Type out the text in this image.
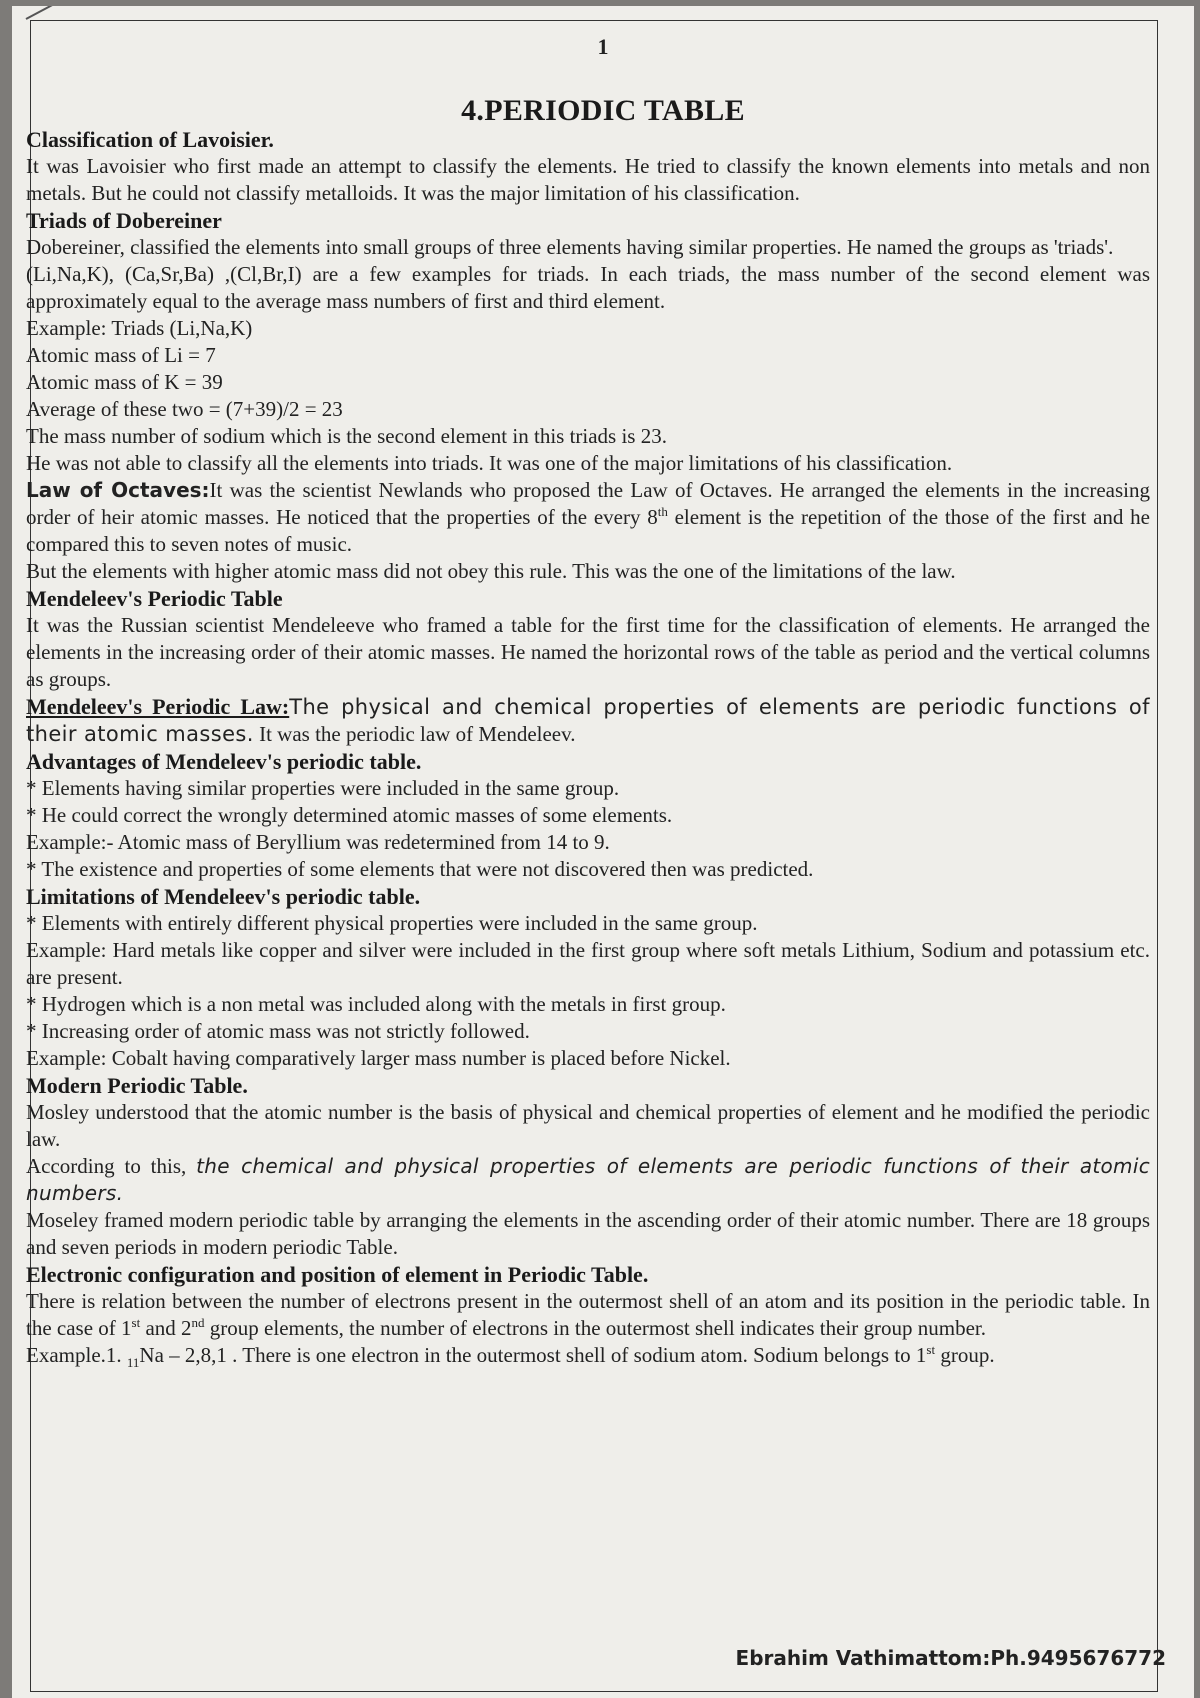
1
4.PERIODIC TABLE

Classification of Lavoisier.

It was Lavoisier who first made an attempt to classify the elements. He tried to classify the known elements into metals and non metals. But he could not classify metalloids. It was the major limitation of his classification.

Triads of Dobereiner

Dobereiner, classified the elements into small groups of three elements having similar properties. He named the groups as 'triads'.

(Li,Na,K), (Ca,Sr,Ba) ,(Cl,Br,I) are a few examples for triads. In each triads, the mass number of the second element was approximately equal to the average mass numbers of first and third element.

Example: Triads (Li,Na,K)

Atomic mass of Li = 7

Atomic mass of K = 39

Average of these two = (7+39)/2 = 23

The mass number of sodium which is the second element in this triads is 23.

He was not able to classify all the elements into triads. It was one of the major limitations of his classification.

Law of Octaves:It was the scientist Newlands who proposed the Law of Octaves. He arranged the elements in the increasing order of heir atomic masses. He noticed that the properties of the every 8th element is the repetition of the those of the first and he compared this to seven notes of music.

But the elements with higher atomic mass did not obey this rule. This was the one of the limitations of the law.

Mendeleev's Periodic Table

It was the Russian scientist Mendeleeve who framed a table for the first time for the classification of elements. He arranged the elements in the increasing order of their atomic masses. He named the horizontal rows of the table as period and the vertical columns as groups.

Mendeleev's Periodic Law:The physical and chemical properties of elements are periodic functions of their atomic masses. It was the periodic law of Mendeleev.

Advantages of Mendeleev's periodic table.

* Elements having similar properties were included in the same group.

* He could correct the wrongly determined atomic masses of some elements.

Example:- Atomic mass of Beryllium was redetermined from 14 to 9.

* The existence and properties of some elements that were not discovered then was predicted.

Limitations of Mendeleev's periodic table.

* Elements with entirely different physical properties were included in the same group.

Example: Hard metals like copper and silver were included in the first group where soft metals Lithium, Sodium and potassium etc. are present.

* Hydrogen which is a non metal was included along with the metals in first group.

* Increasing order of atomic mass was not strictly followed.

Example: Cobalt having comparatively larger mass number is placed before Nickel.

Modern Periodic Table.

Mosley understood that the atomic number is the basis of physical and chemical properties of element and he modified the periodic law.

According to this, the chemical and physical properties of elements are periodic functions of their atomic numbers.

Moseley framed modern periodic table by arranging the elements in the ascending order of their atomic number. There are 18 groups and seven periods in modern periodic Table.

Electronic configuration and position of element in Periodic Table.

There is relation between the number of electrons present in the outermost shell of an atom and its position in the periodic table. In the case of 1st and 2nd group elements, the number of electrons in the outermost shell indicates their group number.

Example.1. $_{11}$Na – 2,8,1 . There is one electron in the outermost shell of sodium atom. Sodium belongs to 1st group.

Ebrahim Vathimattom:Ph.9495676772
